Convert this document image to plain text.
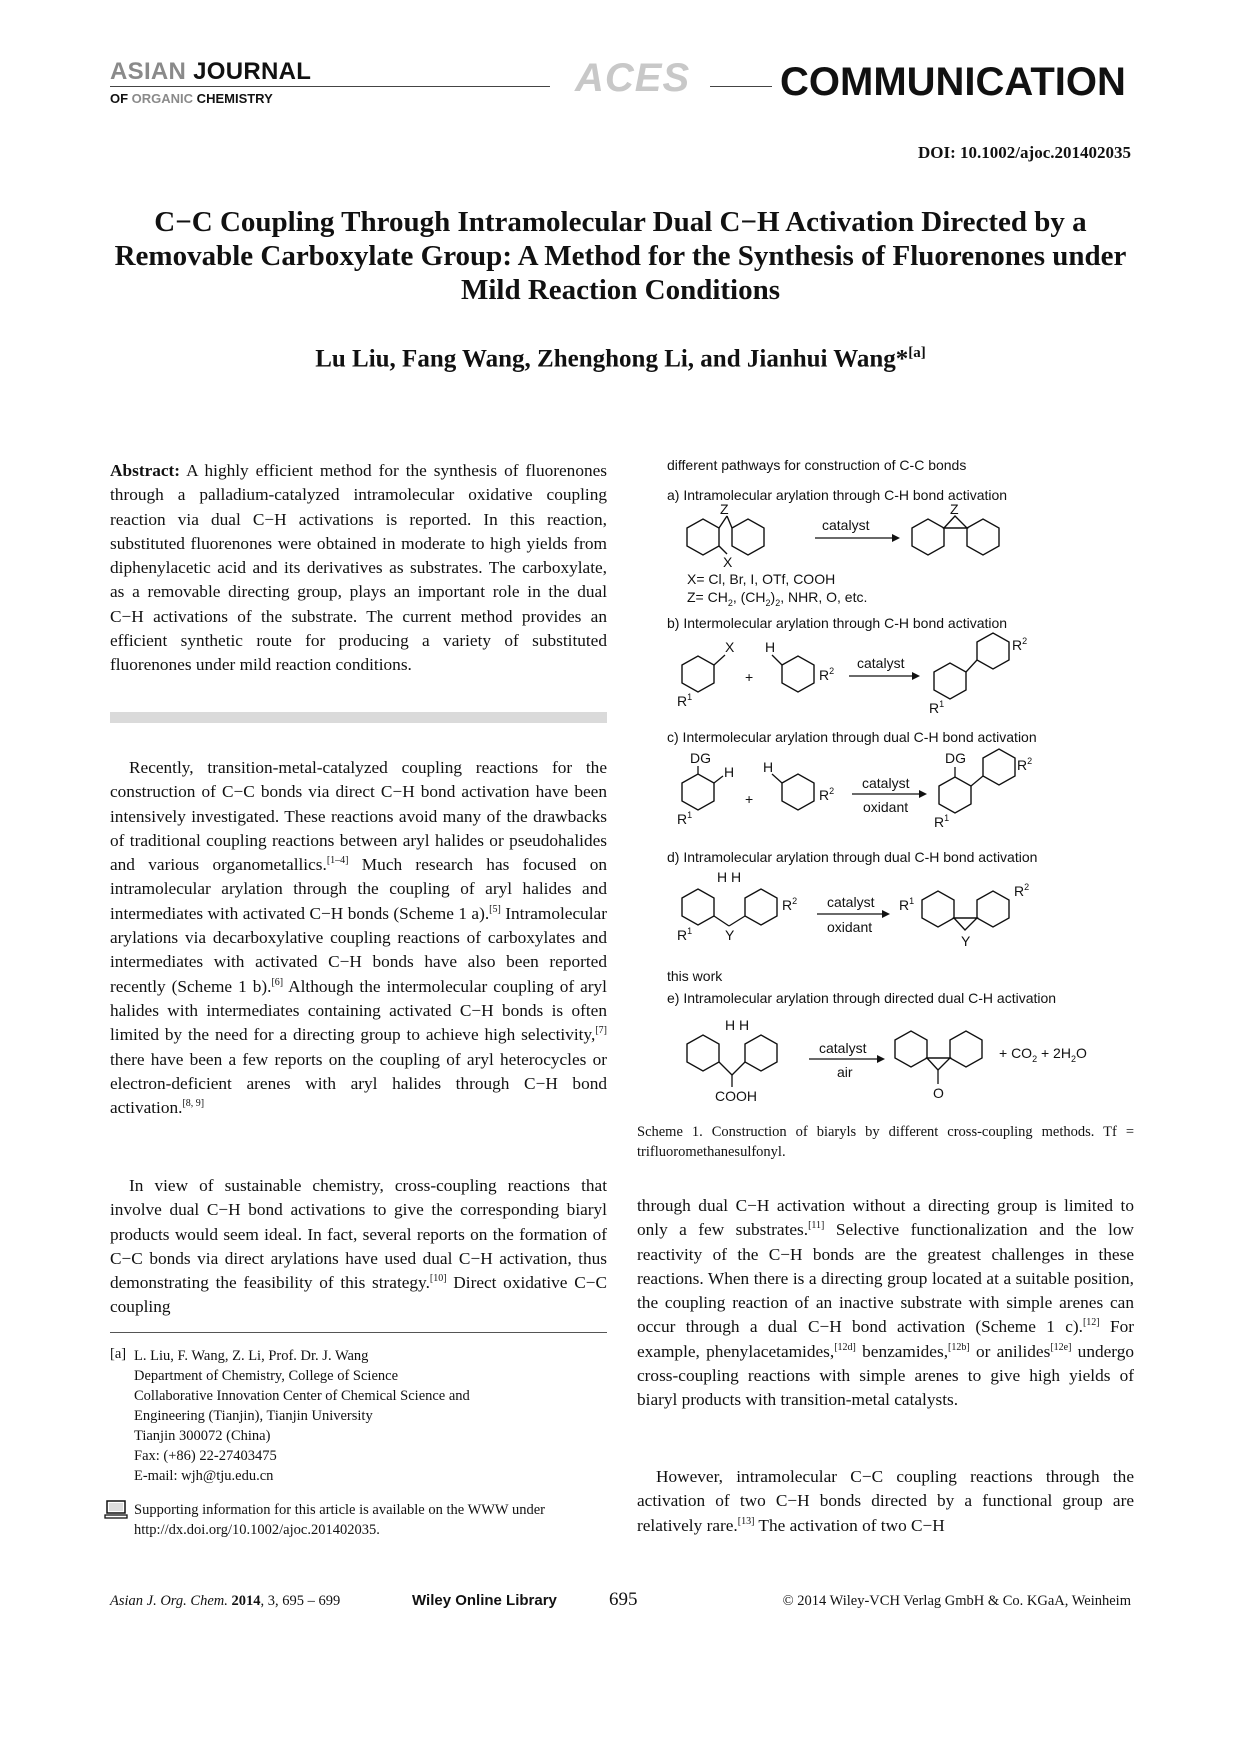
ASIAN JOURNAL
OF ORGANIC CHEMISTRY	ACES COMMUNICATION
DOI: 10.1002/ajoc.201402035
C−C Coupling Through Intramolecular Dual C−H Activation Directed by a Removable Carboxylate Group: A Method for the Synthesis of Fluorenones under Mild Reaction Conditions
Lu Liu, Fang Wang, Zhenghong Li, and Jianhui Wang*[a]
Abstract: A highly efficient method for the synthesis of fluorenones through a palladium-catalyzed intramolecular oxidative coupling reaction via dual C−H activations is reported. In this reaction, substituted fluorenones were obtained in moderate to high yields from diphenylacetic acid and its derivatives as substrates. The carboxylate, as a removable directing group, plays an important role in the dual C−H activations of the substrate. The current method provides an efficient synthetic route for producing a variety of substituted fluorenones under mild reaction conditions.
Recently, transition-metal-catalyzed coupling reactions for the construction of C−C bonds via direct C−H bond activation have been intensively investigated. These reactions avoid many of the drawbacks of traditional coupling reactions between aryl halides or pseudohalides and various organometallics.[1–4] Much research has focused on intramolecular arylation through the coupling of aryl halides and intermediates with activated C−H bonds (Scheme 1 a).[5] Intramolecular arylations via decarboxylative coupling reactions of carboxylates and intermediates with activated C−H bonds have also been reported recently (Scheme 1 b).[6] Although the intermolecular coupling of aryl halides with intermediates containing activated C−H bonds is often limited by the need for a directing group to achieve high selectivity,[7] there have been a few reports on the coupling of aryl heterocycles or electron-deficient arenes with aryl halides through C−H bond activation.[8, 9]
In view of sustainable chemistry, cross-coupling reactions that involve dual C−H bond activations to give the corresponding biaryl products would seem ideal. In fact, several reports on the formation of C−C bonds via direct arylations have used dual C−H activation, thus demonstrating the feasibility of this strategy.[10] Direct oxidative C−C coupling
[a] L. Liu, F. Wang, Z. Li, Prof. Dr. J. Wang
Department of Chemistry, College of Science
Collaborative Innovation Center of Chemical Science and
Engineering (Tianjin), Tianjin University
Tianjin 300072 (China)
Fax: (+86) 22-27403475
E-mail: wjh@tju.edu.cn
Supporting information for this article is available on the WWW under http://dx.doi.org/10.1002/ajoc.201402035.
different pathways for construction of C-C bonds
a) Intramolecular arylation through C-H bond activation
Z
X
catalyst
Z
X= Cl, Br, I, OTf, COOH
$Z= CH_2$, $(CH_2)_2$, NHR, O, etc.
b) Intermolecular arylation through C-H bond activation
X
$R^1$
+
H
$R^2$ catalyst
$R^2$
$R^1$
c) Intermolecular arylation through dual C-H bond activation
DG
H
$R^1$
+
H
$R^2$ catalyst
oxidant
DG	$R^2$
$R^1$
d) Intramolecular arylation through dual C-H bond activation
H H
Y
$R^1$
$R^2$ catalyst
oxidant
$R^1$
Y
$R^2$
this work
e) Intramolecular arylation through directed dual C-H activation
H H
COOH
catalyst
air
O
+ $CO_2 + 2H_2O$
Scheme 1. Construction of biaryls by different cross-coupling methods. Tf = trifluoromethanesulfonyl.
through dual C−H activation without a directing group is limited to only a few substrates.[11] Selective functionalization and the low reactivity of the C−H bonds are the greatest challenges in these reactions. When there is a directing group located at a suitable position, the coupling reaction of an inactive substrate with simple arenes can occur through a dual C−H bond activation (Scheme 1 c).[12] For example, phenylacetamides,[12d] benzamides,[12b] or anilides[12e] undergo cross-coupling reactions with simple arenes to give high yields of biaryl products with transition-metal catalysts.
However, intramolecular C−C coupling reactions through the activation of two C−H bonds directed by a functional group are relatively rare.[13] The activation of two C−H
Asian J. Org. Chem. 2014, 3, 695 – 699	Wiley Online Library	695	© 2014 Wiley-VCH Verlag GmbH & Co. KGaA, Weinheim
